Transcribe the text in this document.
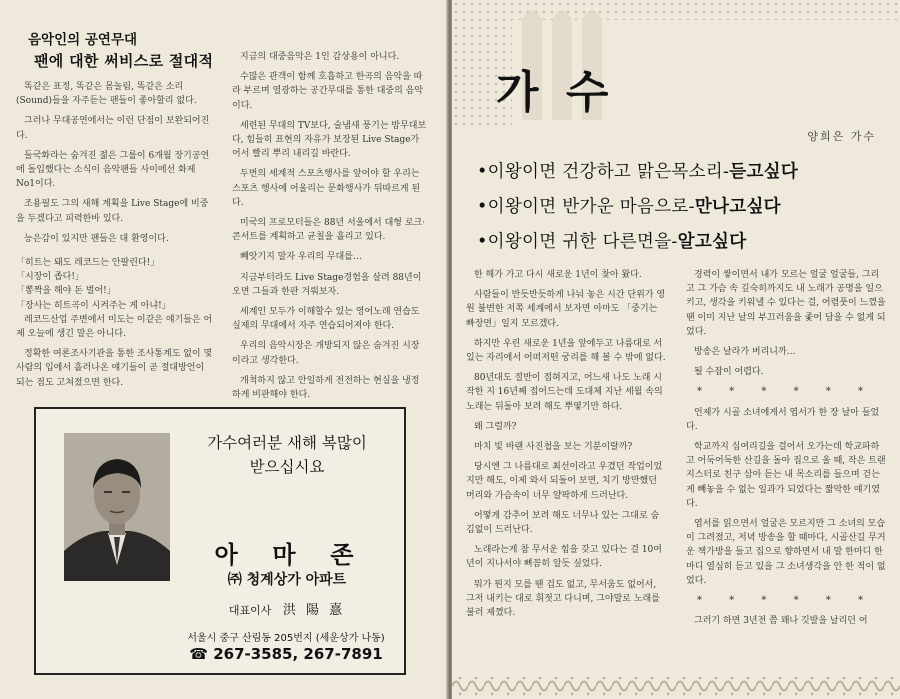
음악인의 공연무대
팬에 대한 써비스로 절대적

똑같은 표정, 똑같은 몸놀림, 똑같은 소리(Sound)들을 자주듣는 팬들이 좋아할리 없다.

그러나 무대공연에서는 이런 단점이 보완되어진다.

들국화라는 숨겨진 젊은 그룹이 6개월 장기공연에 돌입했다는 소식이 음악팬들 사이에선 화제 No1이다.

조용필도 그의 새해 계획을 Live Stage에 비중을 두겠다고 피력한바 있다.

능은감이 있지만 팬들은 대 환영이다.

「히트는 돼도 레코드는 안팔린다!」

「시장이 좁다!」

「뽕짝을 해야 돈 벌어!」

「장사는 히트곡이 시켜주는 게 아냐!」

레코드산업 주변에서 미도는 이같은 얘기들은 어제 오늘에 생긴 말은 아니다.

정확한 여론조사기관을 통한 조사통계도 없이 몇사람의 입에서 흘러나온 얘기들이 곧 절대방언이 되는 점도 고쳐졌으면 한다.

지금의 대중음악은 1인 감상용이 아니다.

수많은 관객이 함께 호흡하고 한곡의 음악을 따라 부르며 열광하는 공간무대를 통한 대중의 음악이다.

세련된 무대의 TV보다, 술냄새 풍기는 밤무대보다, 힘들히 표현의 자유가 보장된 Live Stage가 어서 빨리 뿌리 내리길 바란다.

두번의 세계적 스포츠행사를 앞어야 할 우리는 스포츠 행사에 어울리는 문화행사가 뒤따르게 된다.

미국의 프로모터들은 88년 서울에서 대형 로크·콘서트를 계획하고 균칠을 흘리고 있다.

빼앗기지 말자 우리의 무대를…

지금부터라도 Live Stage경험을 살려 88년이 오면 그들과 한판 겨뤄보자.

세계인 모두가 이해할수 있는 영어노래 연습도 실제의 무대에서 자주 연습되어져야 한다.

우리의 음악시장은 개방되지 않은 숨겨진 시장이라고 생각한다.

개척하지 않고 안일하게 전전하는 현실을 냉정하게 비판해야 한다.

가수여러분 새해 복많이
받으십시요
아  마  존
㈜ 청계상가 아파트
대표이사 洪 陽 憙
서울시 중구 산림동 205번지 (세운상가 나동)
☎ 267-3585, 267-7891
가 수
양희은 가수
•이왕이면 건강하고 맑은목소리-듣고싶다
•이왕이면 반가운 마음으로-만나고싶다
•이왕이면 귀한 다른면을-알고싶다

한 해가 가고 다시 새로운 1년이 찾아 왔다.

사람들이 반듯반듯하게 나눠 놓은 시간 단위가 영원 불변한 저쪽 세계에서 보자면 아마도 「중기는 빠장면」일지 모르겠다.

하지만 우린 새로운 1년을 앞에두고 나름대로 서 있는 자리에서 어떠저떤 궁리를 해 볼 수 밖에 없다.

80년대도 절반이 접혀지고, 어느새 나도 노래 시작한 지 16년째 접어드는데 도대체 지난 세월 속의 노래는 뒤돌아 보려 해도 뿌옇기만 하다.

왜 그럴까?

마치 빛 바랜 사진첩을 보는 기분이랄까?

당시엔 그 나름대로 최선이라고 우겼던 작업이었지만 해도, 이제 와서 되돌어 보면, 치기 방만했던 머리와 가슴속이 너무 얄팍하게 드러난다.

어떻게 감추어 보려 해도 너무나 있는 그대로 숨김없이 드러난다.

노래라는게 참 무서운 힘을 갖고 있다는 걸 10여년이 지나서야 뼈꼼히 알듯 싶었다.

뭐가 뭔지 모를 땐 겁도 없고, 무서움도 없어서, 그저 내키는 대로 휘젓고 다니며, 그야말로 노래를 불러 제꼈다.

경력이 쌓이면서 내가 모르는 얼굴 얼굴들, 그리고 그 가슴 속 깊숙히까지도 내 노래가 공명을 일으키고, 생각을 키워낼 수 있다는 걸, 어렴풋이 느꼈을 땐 이미 지난 날의 부끄러움을 좇어 담을 수 없게 되었다.

방송은 날라가 버리니까…

될 수잡이 어렵다.

* * * * * *

언제가 시골 소녀에게서 엽서가 한 장 날아 들었다.

학교까지 십여리길을 걸어서 오가는데 학교파하고 어둑어둑한 산길을 돌아 집으로 올 때, 작은 트랜지스터로 친구 삼아 듣는 내 목소리를 들으며 걷는게 빼놓을 수 없는 일과가 되었다는 짧막한 얘기였다.

엽서를 읽으면서 얼굴은 모르지만 그 소녀의 모습이 그려졌고, 저녁 방송을 할 때마다, 시골산길 무거운 책가방을 들고 집으로 향하면서 내 말 한마디 한마디 열심히 듣고 있을 그 소녀생각을 안 한 적이 없었다.

* * * * * *

그러기 하면 3년전 쯤 꽤나 깃발을 날리던 어
